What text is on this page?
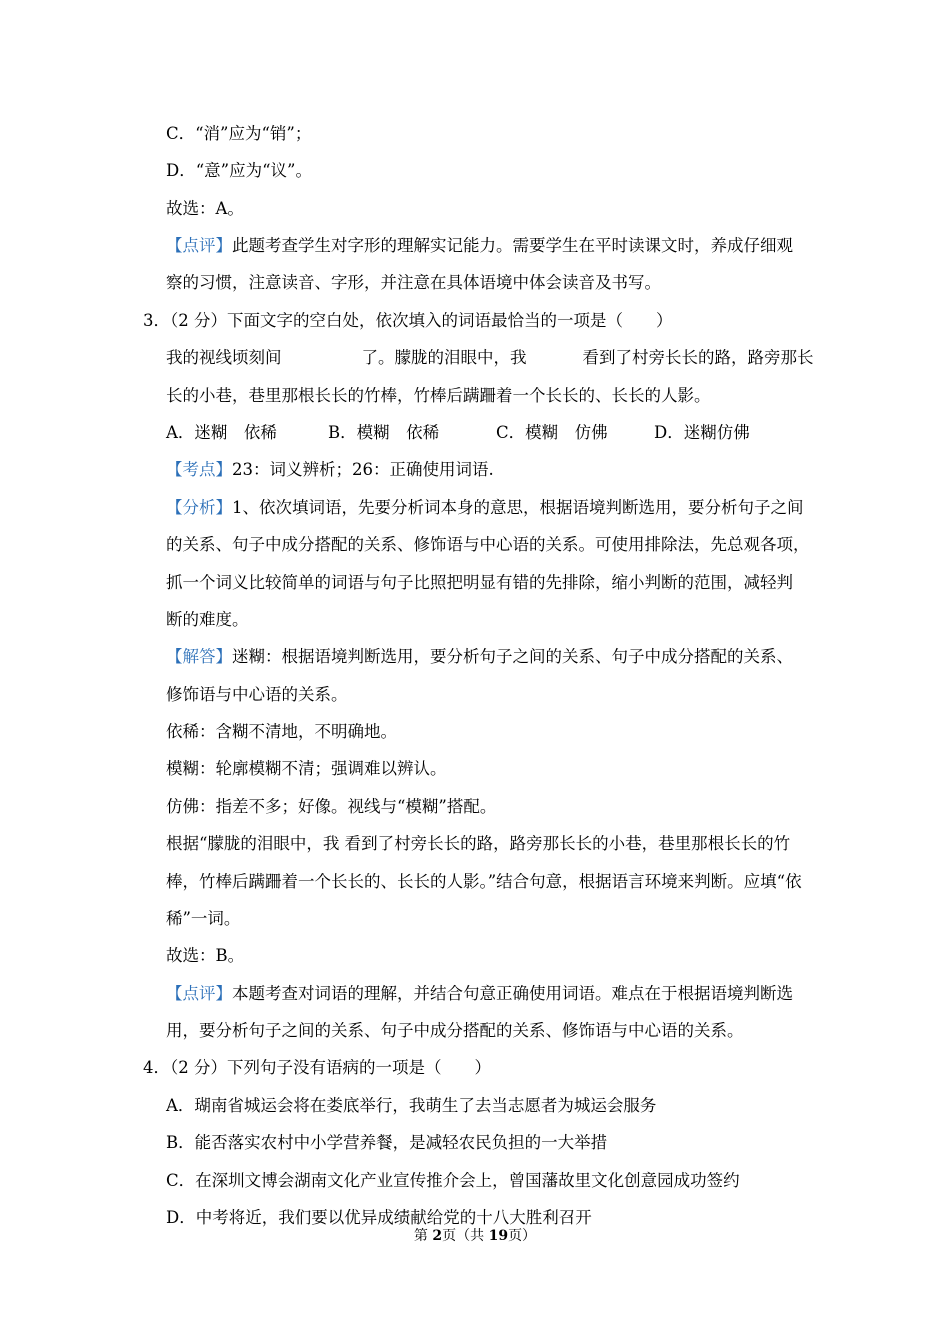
C．“消”应为“销”；
D．“意”应为“议”。
故选：A。
【点评】此题考查学生对字形的理解实记能力。需要学生在平时读课文时，养成仔细观
察的习惯，注意读音、字形，并注意在具体语境中体会读音及书写。
3．（2 分）下面文字的空白处，依次填入的词语最恰当的一项是（　　）
我的视线顷刻间	了。朦胧的泪眼中，我	看到了村旁长长的路，路旁那长
长的小巷，巷里那根长长的竹棒，竹棒后蹒跚着一个长长的、长长的人影。
A．迷糊　依稀	B．模糊　依稀	C．模糊　仿佛	D．迷糊仿佛
【考点】23：词义辨析；26：正确使用词语.
【分析】1、依次填词语，先要分析词本身的意思，根据语境判断选用，要分析句子之间
的关系、句子中成分搭配的关系、修饰语与中心语的关系。可使用排除法，先总观各项，
抓一个词义比较简单的词语与句子比照把明显有错的先排除，缩小判断的范围，减轻判
断的难度。
【解答】迷糊：根据语境判断选用，要分析句子之间的关系、句子中成分搭配的关系、
修饰语与中心语的关系。
依稀：含糊不清地，不明确地。
模糊：轮廓模糊不清；强调难以辨认。
仿佛：指差不多；好像。视线与“模糊”搭配。
根据“朦胧的泪眼中，我 看到了村旁长长的路，路旁那长长的小巷，巷里那根长长的竹
棒，竹棒后蹒跚着一个长长的、长长的人影。”结合句意，根据语言环境来判断。应填“依
稀”一词。
故选：B。
【点评】本题考查对词语的理解，并结合句意正确使用词语。难点在于根据语境判断选
用，要分析句子之间的关系、句子中成分搭配的关系、修饰语与中心语的关系。
4．（2 分）下列句子没有语病的一项是（　　）
A．瑚南省城运会将在娄底举行，我萌生了去当志愿者为城运会服务
B．能否落实农村中小学营养餐，是减轻农民负担的一大举措
C．在深圳文博会湖南文化产业宣传推介会上，曾国藩故里文化创意园成功签约
D．中考将近，我们要以优异成绩献给党的十八大胜利召开
第 2页（共 19页）
